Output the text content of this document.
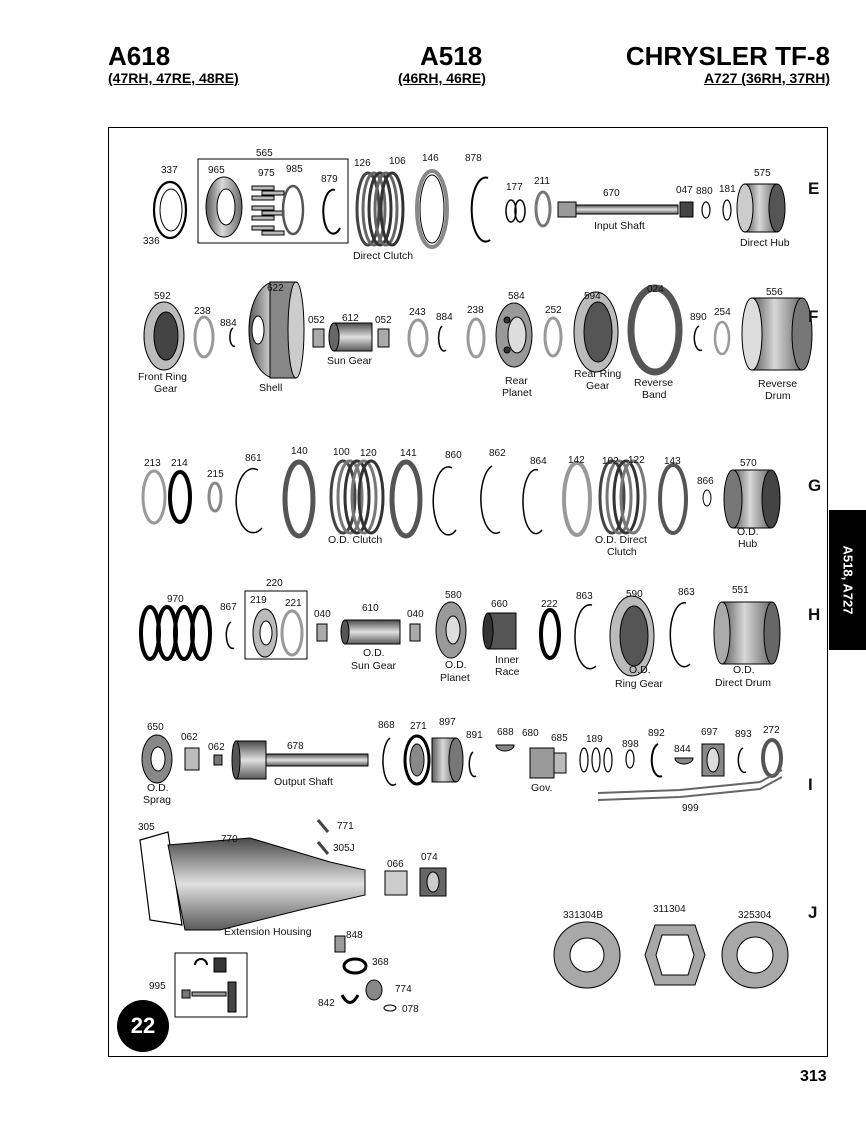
A618
(47RH, 47RE, 48RE)
A518
(46RH, 46RE)
CHRYSLER TF-8
A727 (36RH, 37RH)
A518, A727
313
22
E
F
G
H
I
J
337
336
565
965	975 985
879
126 106 146	878
177
211
670	047 880 181
575
592
238
884
622
052 612 052
243 884
238
584
252
594
024
890 254
556
213 214
215
861
140	100 120 141	860	862
864 142 102 122 143
866
570
970
867
220
219 221
040
610
040
580
660	222
863	590	863	551
650
062
062	678
868 271 897
891 688 680 685 189 898
892
844
697 893 272
999
305
770
771
305J
066
074
848
368
774
842
078
995
331304B
311304
325304
Direct Clutch
Input Shaft
Direct Hub
Front Ring
Gear	Shell
Sun Gear
Rear
Planet
Rear Ring
Gear Reverse
Band
Reverse
Drum
O.D. Clutch	O.D. Direct
Clutch
O.D.
Hub
O.D.
Sun Gear	O.D.
Planet
Inner
Race	O.D.
Ring Gear
O.D.
Direct Drum
O.D.
Sprag
Output Shaft	Gov.
Extension Housing
